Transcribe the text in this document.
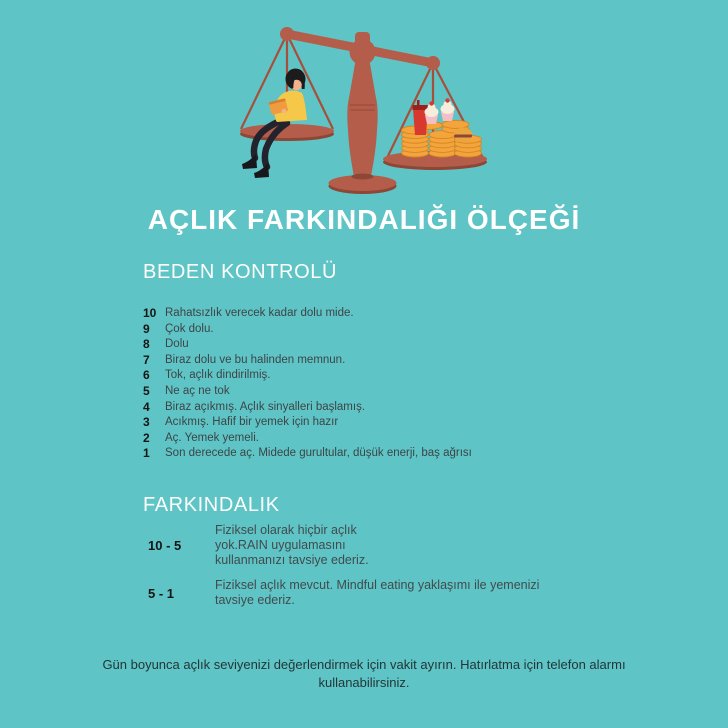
AÇLIK FARKINDALIĞI ÖLÇEĞİ
BEDEN KONTROLÜ
10 Rahatsızlık verecek kadar dolu mide.
9	Çok dolu.
8	Dolu
7	Biraz dolu ve bu halinden memnun.
6	Tok, açlık dindirilmiş.
5	Ne aç ne tok
4	Biraz açıkmış. Açlık sinyalleri başlamış.
3	Acıkmış. Hafif bir yemek için hazır
2	Aç. Yemek yemeli.
1	Son derecede aç. Midede gurultular, düşük enerji, baş ağrısı
FARKINDALIK
10 - 5
Fiziksel olarak hiçbir açlık yok.RAIN uygulamasını kullanmanızı tavsiye ederiz.
5 - 1
Fiziksel açlık mevcut. Mindful eating yaklaşımı ile yemenizi tavsiye ederiz.

Gün boyunca açlık seviyenizi değerlendirmek için vakit ayırın. Hatırlatma için telefon alarmı kullanabilirsiniz.
